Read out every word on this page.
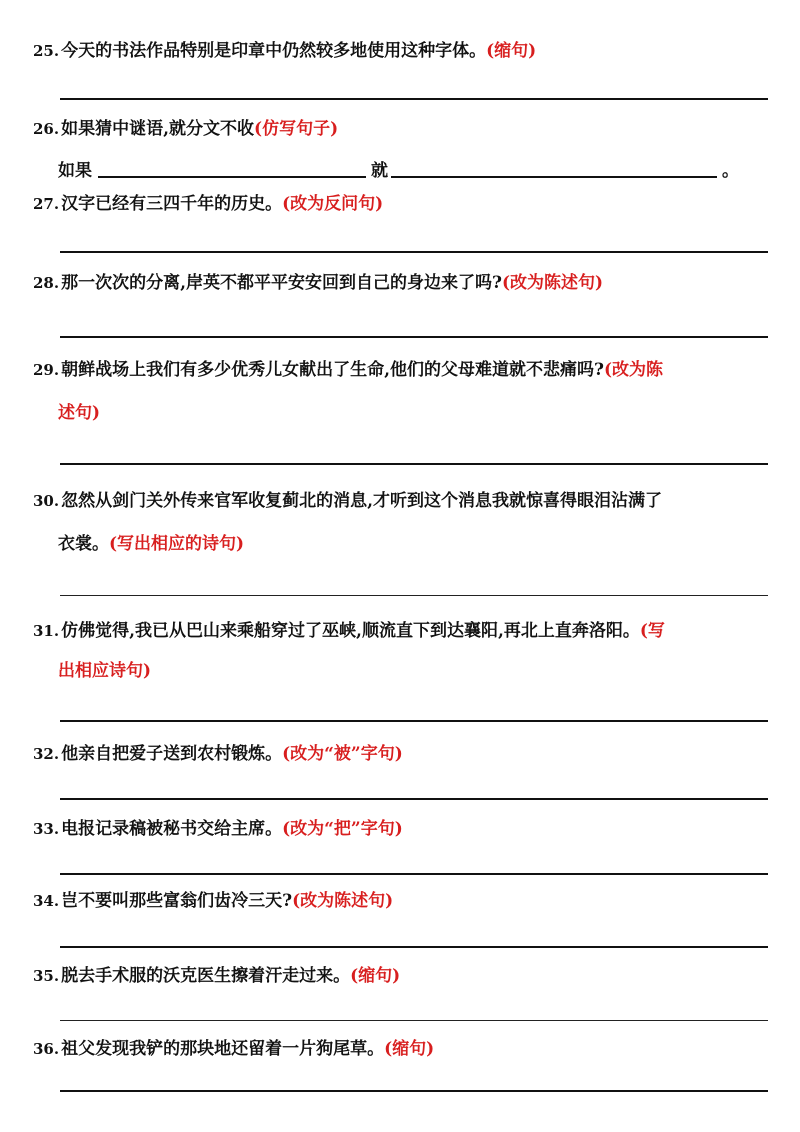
25. 今天的书法作品特别是印章中仍然较多地使用这种字体。(缩句)
26. 如果猜中谜语,就分文不收(仿写句子)
如果	就	。
27. 汉字已经有三四千年的历史。(改为反问句)
28. 那一次次的分离,岸英不都平平安安回到自己的身边来了吗?(改为陈述句)
29. 朝鲜战场上我们有多少优秀儿女献出了生命,他们的父母难道就不悲痛吗?(改为陈
述句)
30. 忽然从剑门关外传来官军收复蓟北的消息,才听到这个消息我就惊喜得眼泪沾满了
衣裳。(写出相应的诗句)
31. 仿佛觉得,我已从巴山来乘船穿过了巫峡,顺流直下到达襄阳,再北上直奔洛阳。(写
出相应诗句)
32. 他亲自把爱子送到农村锻炼。(改为“被”字句)
33. 电报记录稿被秘书交给主席。(改为“把”字句)
34. 岂不要叫那些富翁们齿冷三天?(改为陈述句)
35. 脱去手术服的沃克医生擦着汗走过来。(缩句)
36. 祖父发现我铲的那块地还留着一片狗尾草。(缩句)
